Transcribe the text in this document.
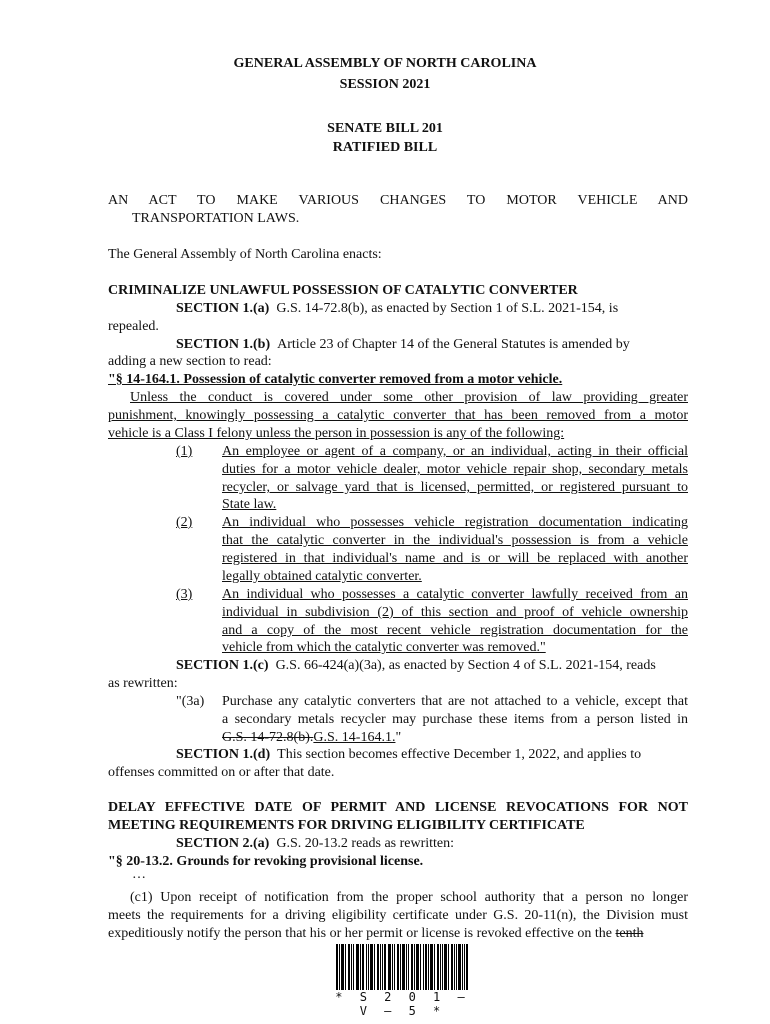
GENERAL ASSEMBLY OF NORTH CAROLINA
SESSION 2021
SENATE BILL 201
RATIFIED BILL
AN ACT TO MAKE VARIOUS CHANGES TO MOTOR VEHICLE AND
TRANSPORTATION LAWS.
The General Assembly of North Carolina enacts:
CRIMINALIZE UNLAWFUL POSSESSION OF CATALYTIC CONVERTER
SECTION 1.(a) G.S. 14-72.8(b), as enacted by Section 1 of S.L. 2021-154, is
repealed.
SECTION 1.(b) Article 23 of Chapter 14 of the General Statutes is amended by
adding a new section to read:
"§ 14-164.1. Possession of catalytic converter removed from a motor vehicle.
Unless the conduct is covered under some other provision of law providing greater
punishment, knowingly possessing a catalytic converter that has been removed from a motor
vehicle is a Class I felony unless the person in possession is any of the following:
(1)	An employee or agent of a company, or an individual, acting in their official
duties for a motor vehicle dealer, motor vehicle repair shop, secondary metals
recycler, or salvage yard that is licensed, permitted, or registered pursuant to
State law.
(2)	An individual who possesses vehicle registration documentation indicating
that the catalytic converter in the individual's possession is from a vehicle
registered in that individual's name and is or will be replaced with another
legally obtained catalytic converter.
(3)	An individual who possesses a catalytic converter lawfully received from an
individual in subdivision (2) of this section and proof of vehicle ownership
and a copy of the most recent vehicle registration documentation for the
vehicle from which the catalytic converter was removed."
SECTION 1.(c) G.S. 66-424(a)(3a), as enacted by Section 4 of S.L. 2021-154, reads
as rewritten:
"(3a)	Purchase any catalytic converters that are not attached to a vehicle, except that
a secondary metals recycler may purchase these items from a person listed in
G.S. 14-72.8(b).G.S. 14-164.1."
SECTION 1.(d) This section becomes effective December 1, 2022, and applies to
offenses committed on or after that date.
DELAY EFFECTIVE DATE OF PERMIT AND LICENSE REVOCATIONS FOR NOT
MEETING REQUIREMENTS FOR DRIVING ELIGIBILITY CERTIFICATE
SECTION 2.(a) G.S. 20-13.2 reads as rewritten:
"§ 20-13.2. Grounds for revoking provisional license.
…
(c1) Upon receipt of notification from the proper school authority that a person no longer
meets the requirements for a driving eligibility certificate under G.S. 20-11(n), the Division must
expeditiously notify the person that his or her permit or license is revoked effective on the tenth
* S 2 0 1 – V – 5 *
